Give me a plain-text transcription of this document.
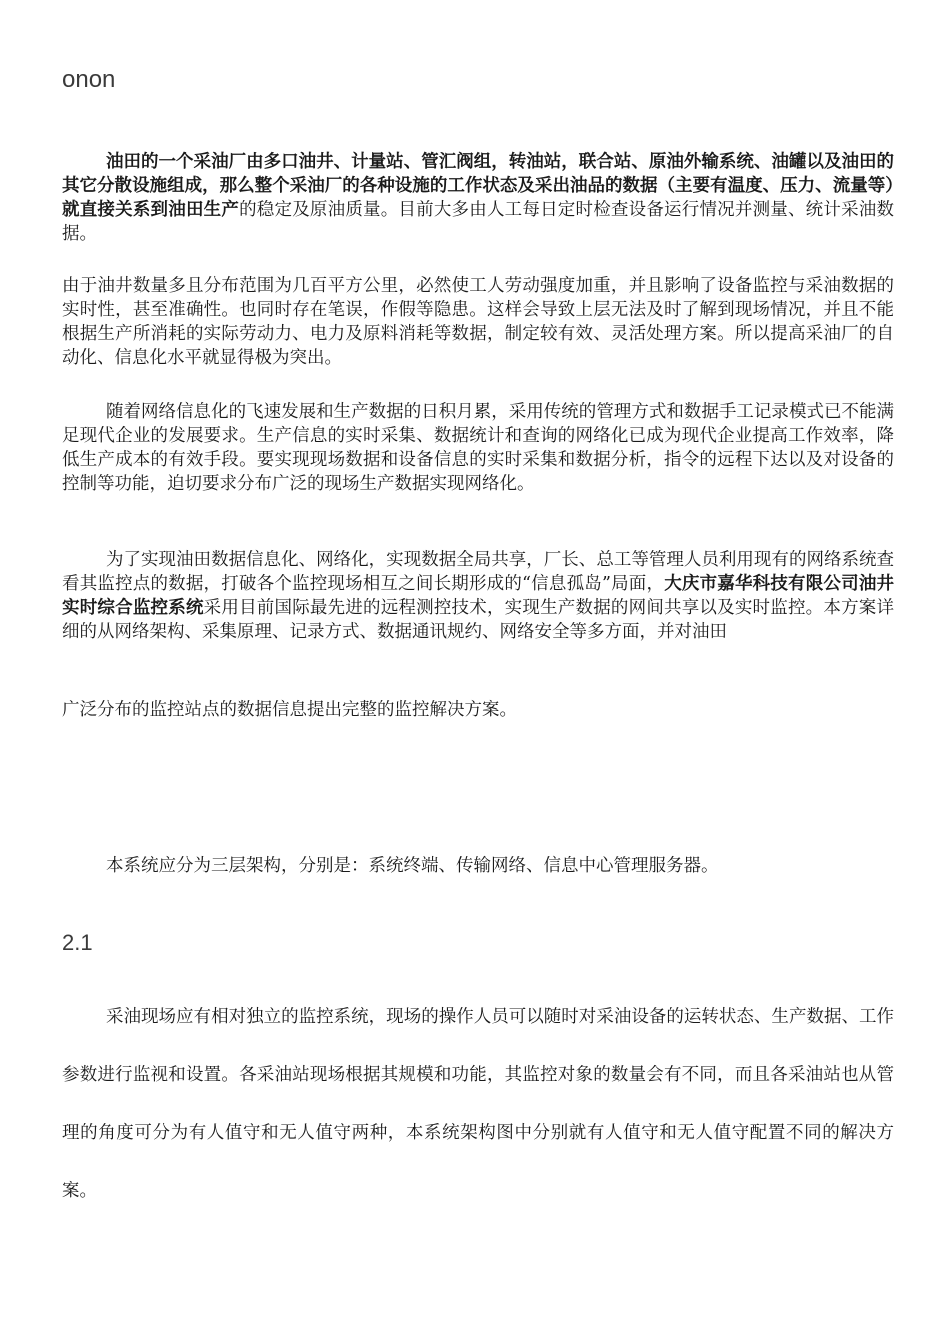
onon

油田的一个采油厂由多口油井、计量站、管汇阀组，转油站，联合站、原油外输系统、油罐以及油田的其它分散设施组成，那么整个采油厂的各种设施的工作状态及采出油品的数据（主要有温度、压力、流量等）就直接关系到油田生产的稳定及原油质量。目前大多由人工每日定时检查设备运行情况并测量、统计采油数据。

由于油井数量多且分布范围为几百平方公里，必然使工人劳动强度加重，并且影响了设备监控与采油数据的实时性，甚至准确性。也同时存在笔误，作假等隐患。这样会导致上层无法及时了解到现场情况，并且不能根据生产所消耗的实际劳动力、电力及原料消耗等数据，制定较有效、灵活处理方案。所以提高采油厂的自动化、信息化水平就显得极为突出。

随着网络信息化的飞速发展和生产数据的日积月累，采用传统的管理方式和数据手工记录模式已不能满足现代企业的发展要求。生产信息的实时采集、数据统计和查询的网络化已成为现代企业提高工作效率，降低生产成本的有效手段。要实现现场数据和设备信息的实时采集和数据分析，指令的远程下达以及对设备的控制等功能，迫切要求分布广泛的现场生产数据实现网络化。

为了实现油田数据信息化、网络化，实现数据全局共享，厂长、总工等管理人员利用现有的网络系统查看其监控点的数据，打破各个监控现场相互之间长期形成的“信息孤岛”局面，大庆市嘉华科技有限公司油井实时综合监控系统采用目前国际最先进的远程测控技术，实现生产数据的网间共享以及实时监控。本方案详细的从网络架构、采集原理、记录方式、数据通讯规约、网络安全等多方面，并对油田

广泛分布的监控站点的数据信息提出完整的监控解决方案。

本系统应分为三层架构，分别是：系统终端、传输网络、信息中心管理服务器。

2.1

采油现场应有相对独立的监控系统，现场的操作人员可以随时对采油设备的运转状态、生产数据、工作参数进行监视和设置。各采油站现场根据其规模和功能，其监控对象的数量会有不同，而且各采油站也从管理的角度可分为有人值守和无人值守两种，本系统架构图中分别就有人值守和无人值守配置不同的解决方案。
